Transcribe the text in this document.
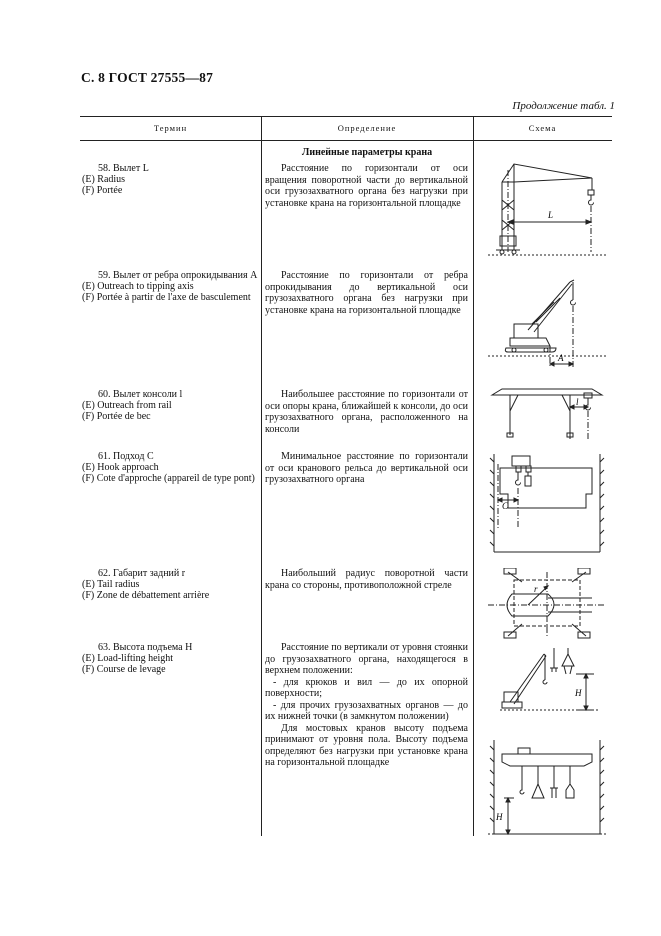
С. 8 ГОСТ 27555—87
Продолжение табл. 1
Термин	Определение	Схема
Линейные параметры крана
58. Вылет L
(E) Radius
(F) Portée

Расстояние по горизонтали от оси вращения поворотной части до вертикальной оси грузозахватного органа без нагрузки при установке крана на горизонтальной площадке

59. Вылет от ребра опрокидывания A
(E) Outreach to tipping axis
(F) Portée à partir de l'axe de basculement

Расстояние по горизонтали от ребра опрокидывания до вертикальной оси грузозахватного органа без нагрузки при установке крана на горизонтальной площадке

60. Вылет консоли l
(E) Outreach from rail
(F) Portée de bec

Наибольшее расстояние по горизонтали от оси опоры крана, ближайшей к консоли, до оси грузозахватного органа, расположенного на консоли

61. Подход C
(E) Hook approach
(F) Cote d'approche (appareil de type pont)

Минимальное расстояние по горизонтали от оси кранового рельса до вертикальной оси грузозахватного органа

62. Габарит задний r
(E) Tail radius
(F) Zone de débattement arrière

Наибольший радиус поворотной части крана со стороны, противоположной стреле

63. Высота подъема H
(E) Load-lifting height
(F) Course de levage

Расстояние по вертикали от уровня стоянки до грузозахватного органа, находящегося в верхнем положении:

- для крюков и вил — до их опорной поверхности;

- для прочих грузозахватных органов — до их нижней точки (в замкнутом положении)

Для мостовых кранов высоту подъема принимают от уровня пола. Высоту подъема определяют без нагрузки при установке крана на горизонтальной площадке

L
A
l
C
r
H
H
